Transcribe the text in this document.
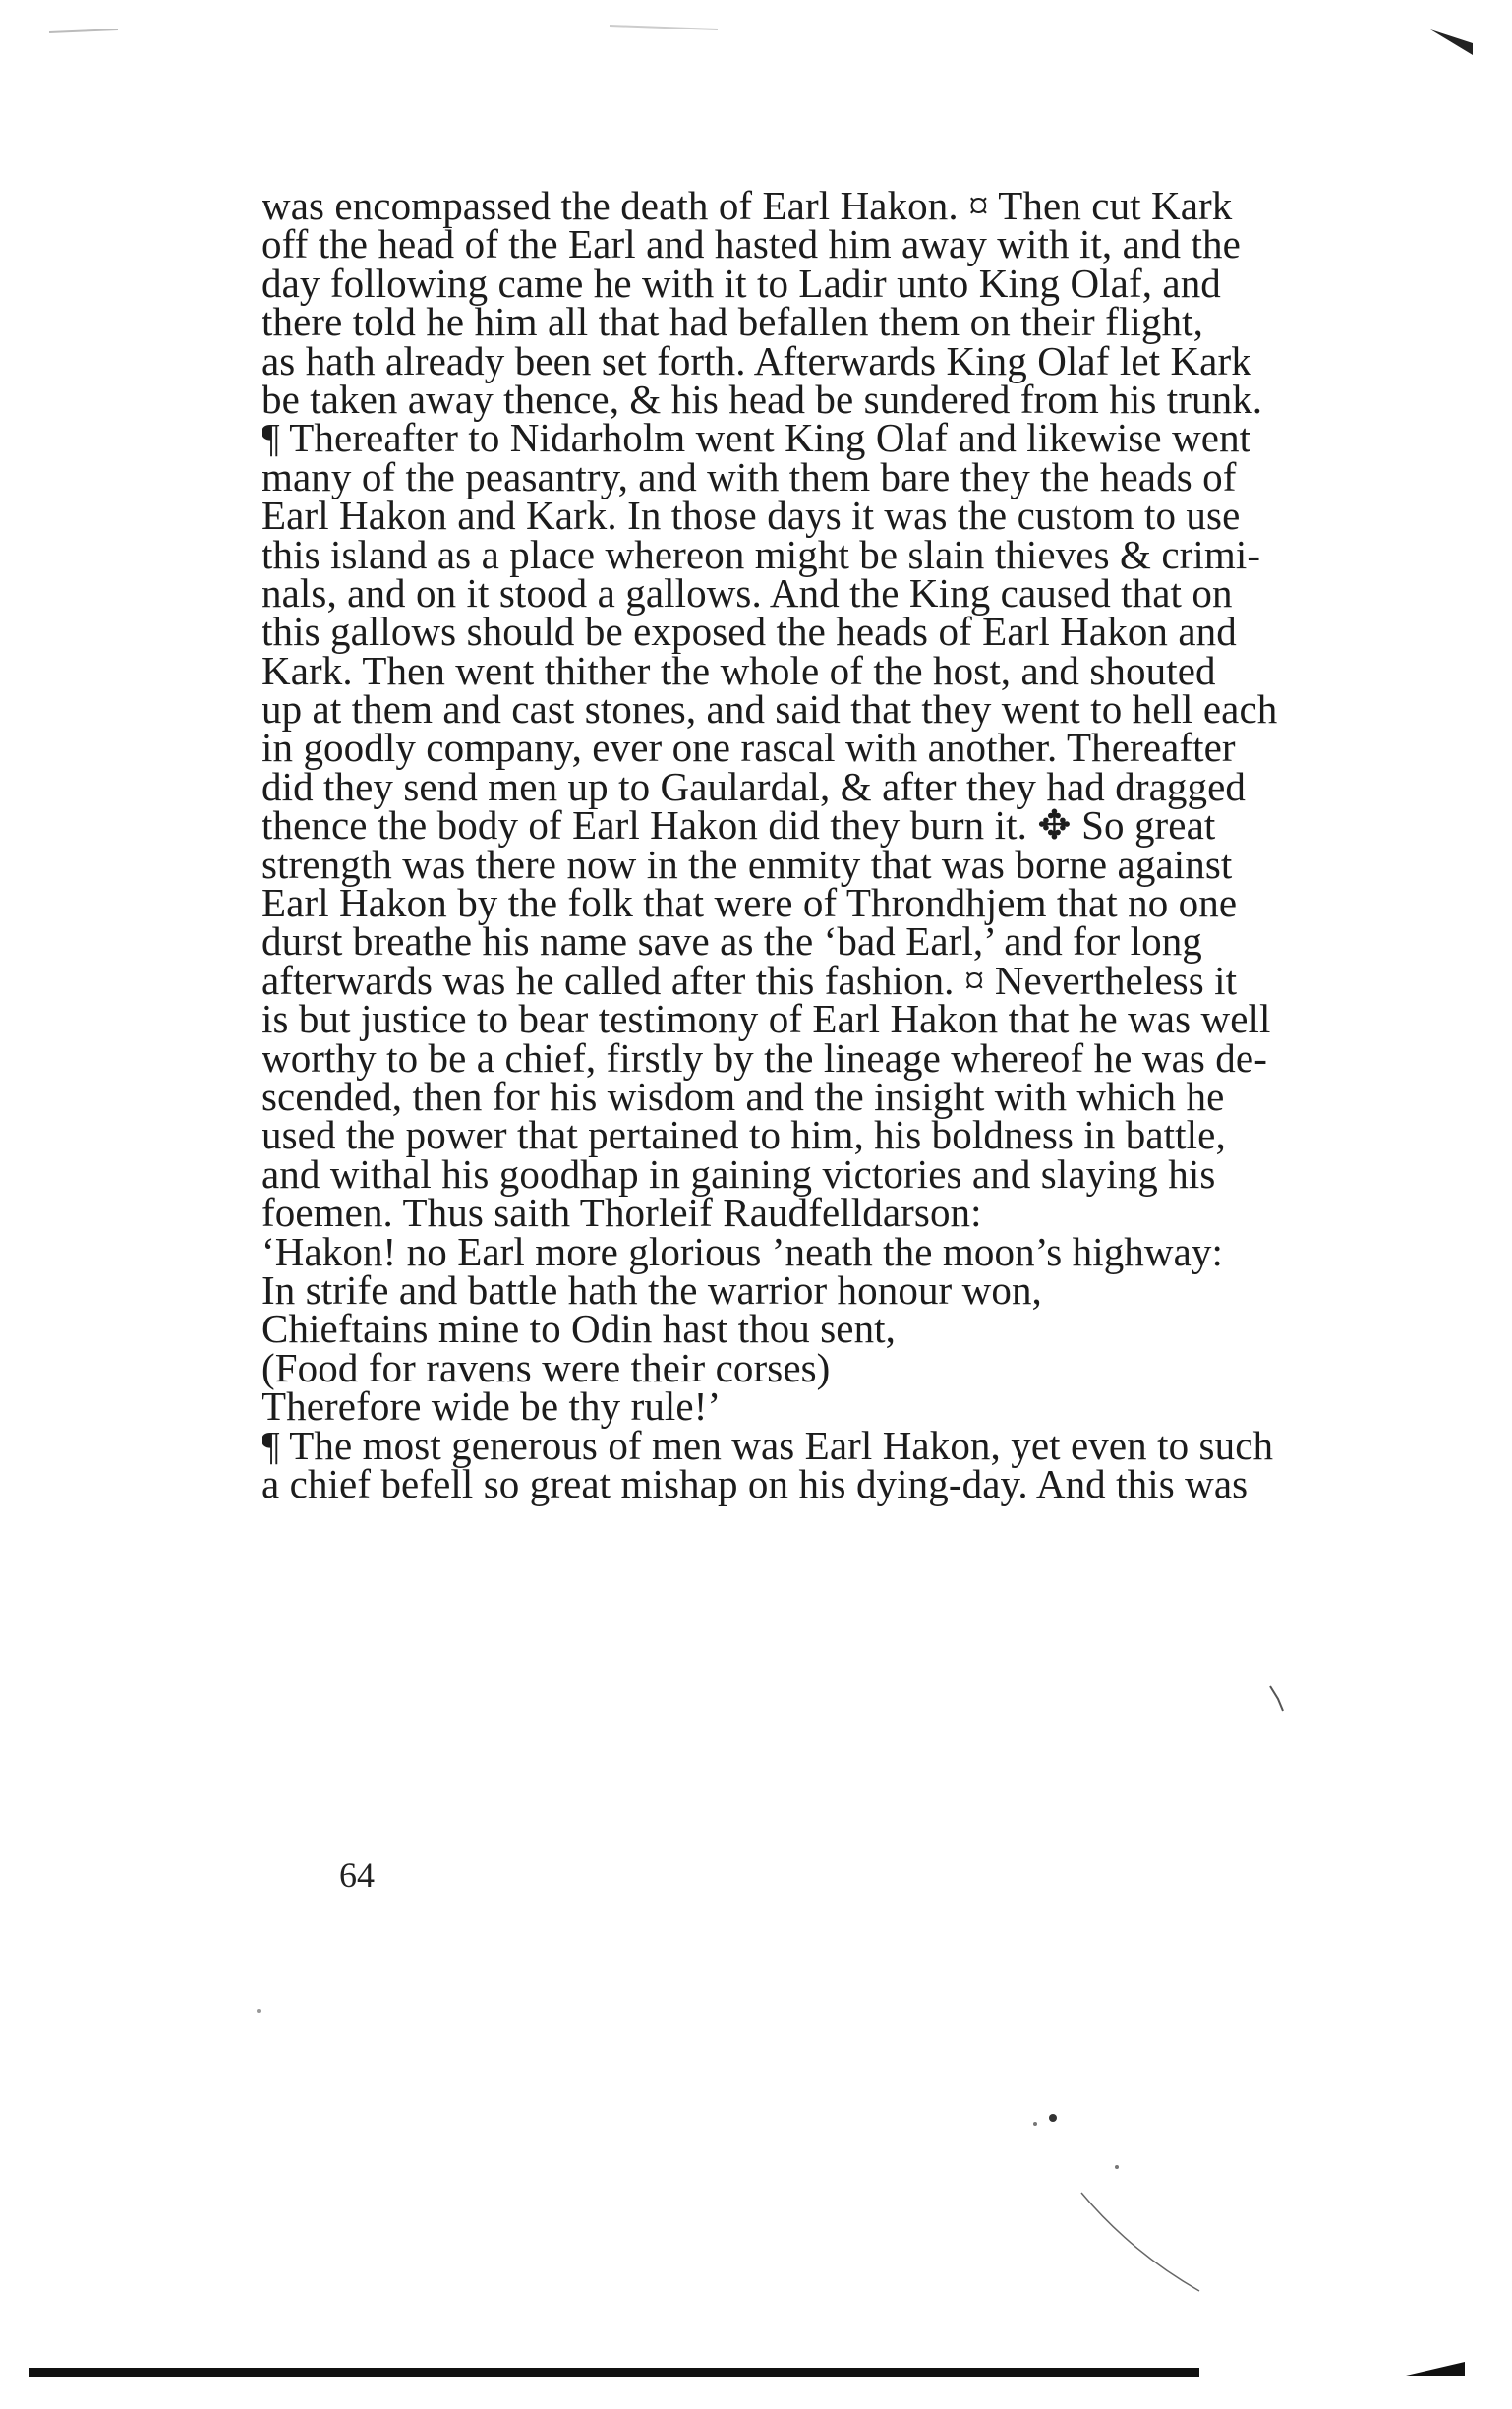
was encompassed the death of Earl Hakon. ¤ Then cut Kark
off the head of the Earl and hasted him away with it, and the
day following came he with it to Ladir unto King Olaf, and
there told he him all that had befallen them on their flight,
as hath already been set forth. Afterwards King Olaf let Kark
be taken away thence, & his head be sundered from his trunk.
¶ Thereafter to Nidarholm went King Olaf and likewise went
many of the peasantry, and with them bare they the heads of
Earl Hakon and Kark. In those days it was the custom to use
this island as a place whereon might be slain thieves & crimi-
nals, and on it stood a gallows. And the King caused that on
this gallows should be exposed the heads of Earl Hakon and
Kark. Then went thither the whole of the host, and shouted
up at them and cast stones, and said that they went to hell each
in goodly company, ever one rascal with another. Thereafter
did they send men up to Gaulardal, & after they had dragged
thence the body of Earl Hakon did they burn it. ✥ So great
strength was there now in the enmity that was borne against
Earl Hakon by the folk that were of Throndhjem that no one
durst breathe his name save as the ‘bad Earl,’ and for long
afterwards was he called after this fashion. ¤ Nevertheless it
is but justice to bear testimony of Earl Hakon that he was well
worthy to be a chief, firstly by the lineage whereof he was de-
scended, then for his wisdom and the insight with which he
used the power that pertained to him, his boldness in battle,
and withal his goodhap in gaining victories and slaying his
foemen. Thus saith Thorleif Raudfelldarson:
‘Hakon! no Earl more glorious ’neath the moon’s highway:
In strife and battle hath the warrior honour won,
Chieftains mine to Odin hast thou sent,
(Food for ravens were their corses)
Therefore wide be thy rule!’
¶ The most generous of men was Earl Hakon, yet even to such
a chief befell so great mishap on his dying-day. And this was
64
